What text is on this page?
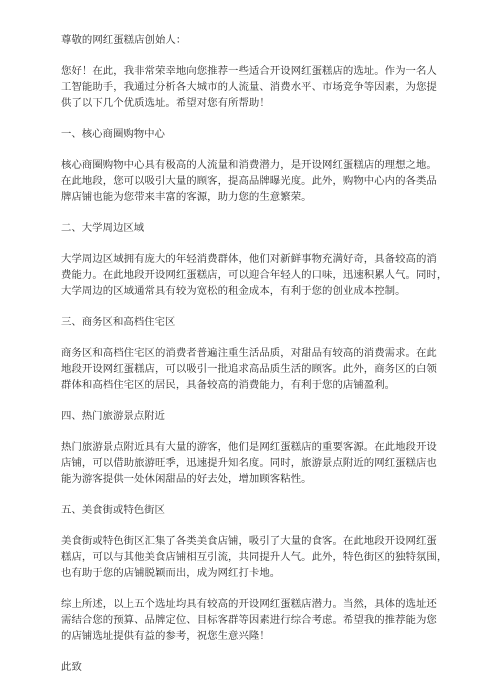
尊敬的网红蛋糕店创始人：

您好！在此，我非常荣幸地向您推荐一些适合开设网红蛋糕店的选址。作为一名人

工智能助手，我通过分析各大城市的人流量、消费水平、市场竞争等因素，为您提

供了以下几个优质选址。希望对您有所帮助！

一、核心商圈购物中心

核心商圈购物中心具有极高的人流量和消费潜力，是开设网红蛋糕店的理想之地。

在此地段，您可以吸引大量的顾客，提高品牌曝光度。此外，购物中心内的各类品

牌店铺也能为您带来丰富的客源，助力您的生意繁荣。

二、大学周边区域

大学周边区域拥有庞大的年轻消费群体，他们对新鲜事物充满好奇，具备较高的消

费能力。在此地段开设网红蛋糕店，可以迎合年轻人的口味，迅速积累人气。同时，

大学周边的区域通常具有较为宽松的租金成本，有利于您的创业成本控制。

三、商务区和高档住宅区

商务区和高档住宅区的消费者普遍注重生活品质，对甜品有较高的消费需求。在此

地段开设网红蛋糕店，可以吸引一批追求高品质生活的顾客。此外，商务区的白领

群体和高档住宅区的居民，具备较高的消费能力，有利于您的店铺盈利。

四、热门旅游景点附近

热门旅游景点附近具有大量的游客，他们是网红蛋糕店的重要客源。在此地段开设

店铺，可以借助旅游旺季，迅速提升知名度。同时，旅游景点附近的网红蛋糕店也

能为游客提供一处休闲甜品的好去处，增加顾客粘性。

五、美食街或特色街区

美食街或特色街区汇集了各类美食店铺，吸引了大量的食客。在此地段开设网红蛋

糕店，可以与其他美食店铺相互引流，共同提升人气。此外，特色街区的独特氛围，

也有助于您的店铺脱颖而出，成为网红打卡地。

综上所述，以上五个选址均具有较高的开设网红蛋糕店潜力。当然，具体的选址还

需结合您的预算、品牌定位、目标客群等因素进行综合考虑。希望我的推荐能为您

的店铺选址提供有益的参考，祝您生意兴隆！

此致
